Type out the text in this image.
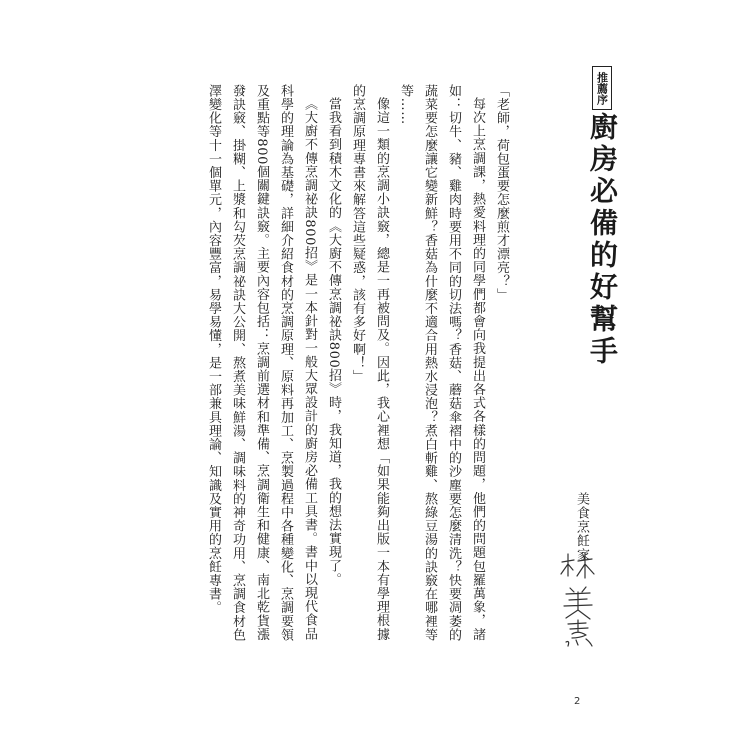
推薦序
廚房必備的好幫手

「老師，荷包蛋要怎麼煎才漂亮？」

每次上烹調課，熱愛料理的同學們都會向我提出各式各樣的問題，他們的問題包羅萬象，諸如：切牛、豬、雞肉時要用不同的切法嗎？香菇、蘑菇傘褶中的沙塵要怎麼清洗？快要凋萎的蔬菜要怎麼讓它變新鮮？香菇為什麼不適合用熱水浸泡？煮白斬雞、熬綠豆湯的訣竅在哪裡等等……

像這一類的烹調小訣竅，總是一再被問及。因此，我心裡想「如果能夠出版一本有學理根據的烹調原理專書來解答這些疑惑，該有多好啊！」

當我看到積木文化的《大廚不傳烹調祕訣800招》時，我知道，我的想法實現了。

《大廚不傳烹調祕訣800招》是一本針對一般大眾設計的廚房必備工具書。書中以現代食品科學的理論為基礎，詳細介紹食材的烹調原理、原料再加工、烹製過程中各種變化、烹調要領及重點等800個關鍵訣竅。主要內容包括：烹調前選材和準備、烹調衛生和健康、南北乾貨漲發訣竅、掛糊、上漿和勾芡烹調祕訣大公開、熬煮美味鮮湯、調味料的神奇功用、烹調食材色澤變化等十一個單元，內容豐富，易學易懂，是一部兼具理論、知識及實用的烹飪專書。	美食烹飪家
2
